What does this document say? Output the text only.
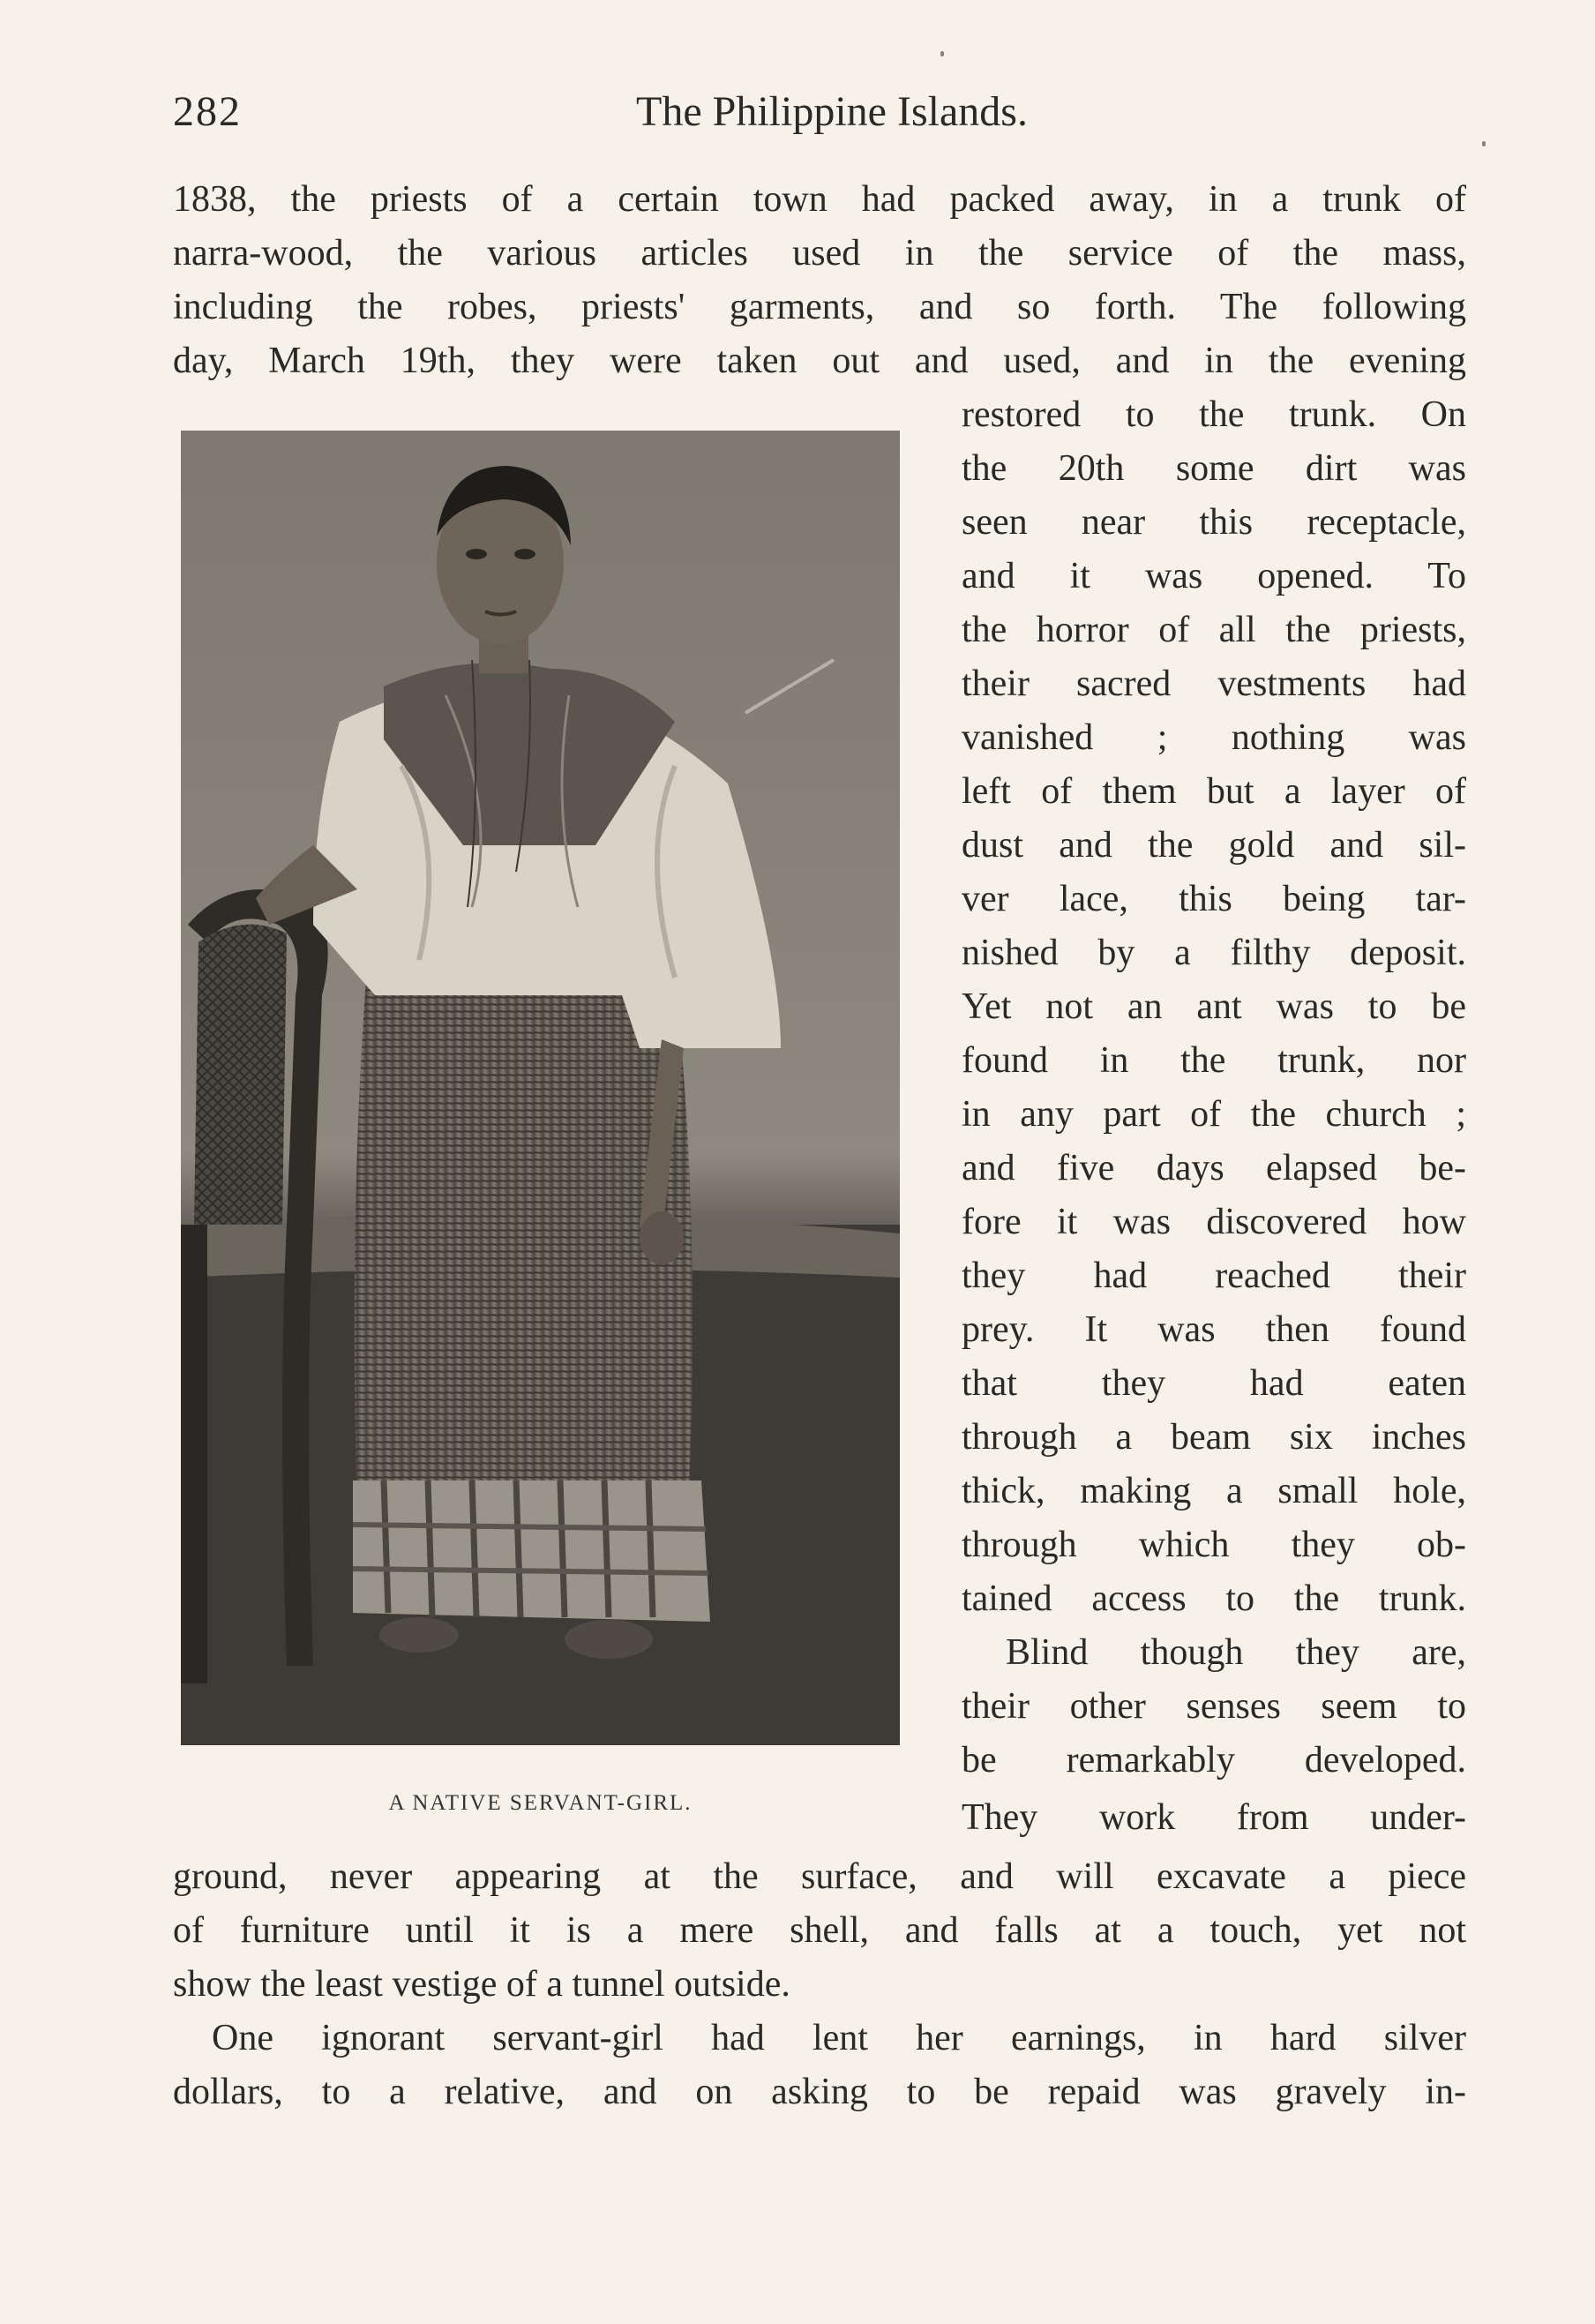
282	The Philippine Islands.
1838, the priests of a certain town had packed away, in a trunk of
narra-wood, the various articles used in the service of the mass,
including the robes, priests' garments, and so forth. The following
day, March 19th, they were taken out and used, and in the evening
restored to the trunk. On
the 20th some dirt was
seen near this receptacle,
and it was opened. To
the horror of all the priests,
their sacred vestments had
vanished ; nothing was
left of them but a layer of
dust and the gold and sil-
ver lace, this being tar-
nished by a filthy deposit.
Yet not an ant was to be
found in the trunk, nor
in any part of the church ;
and five days elapsed be-
fore it was discovered how
they had reached their
prey. It was then found
that they had eaten
through a beam six inches
thick, making a small hole,
through which they ob-
tained access to the trunk.
Blind though they are,
their other senses seem to
be remarkably developed.
They work from under-
ground, never appearing at the surface, and will excavate a piece
of furniture until it is a mere shell, and falls at a touch, yet not
show the least vestige of a tunnel outside.
One ignorant servant-girl had lent her earnings, in hard silver
dollars, to a relative, and on asking to be repaid was gravely in-
A NATIVE SERVANT-GIRL.
